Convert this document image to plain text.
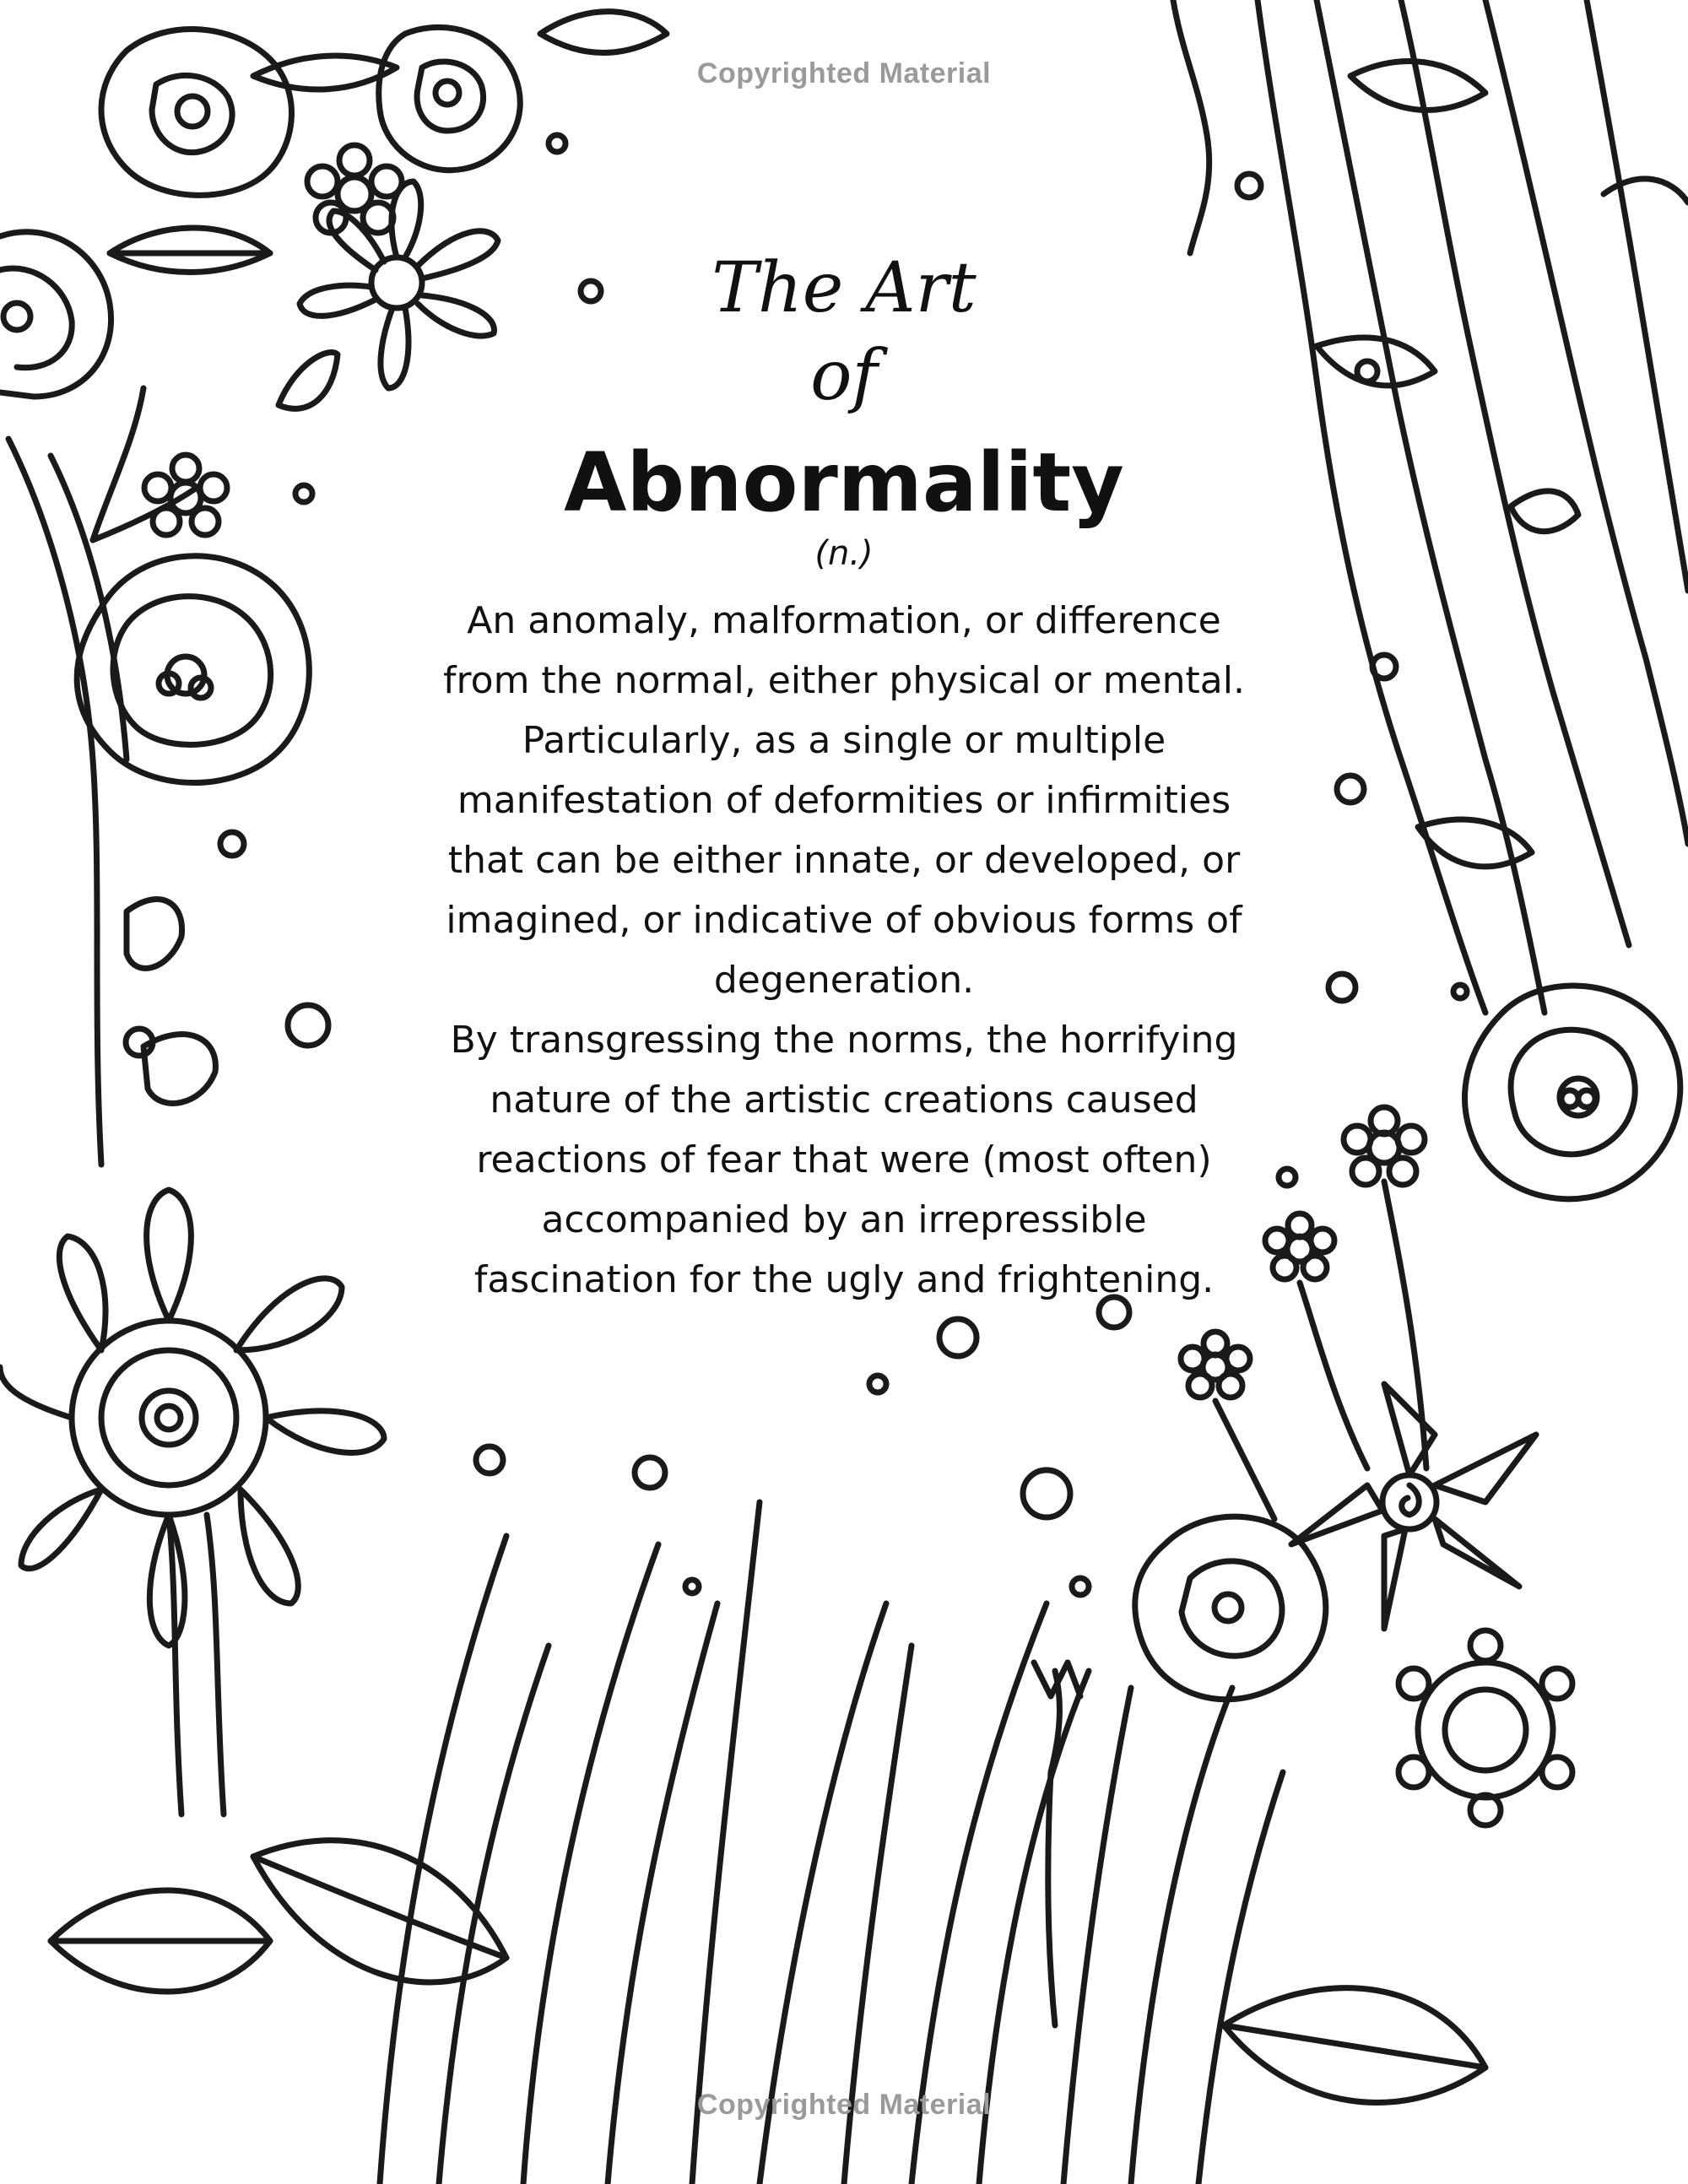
Copyrighted Material
Copyrighted Material
The Art
of
Abnormality
(n.)

An anomaly, malformation, or difference from the normal, either physical or mental. Particularly, as a single or multiple manifestation of deformities or infirmities that can be either innate, or developed, or imagined, or indicative of obvious forms of degeneration.

By transgressing the norms, the horrifying nature of the artistic creations caused reactions of fear that were (most often) accompanied by an irrepressible fascination for the ugly and frightening.
